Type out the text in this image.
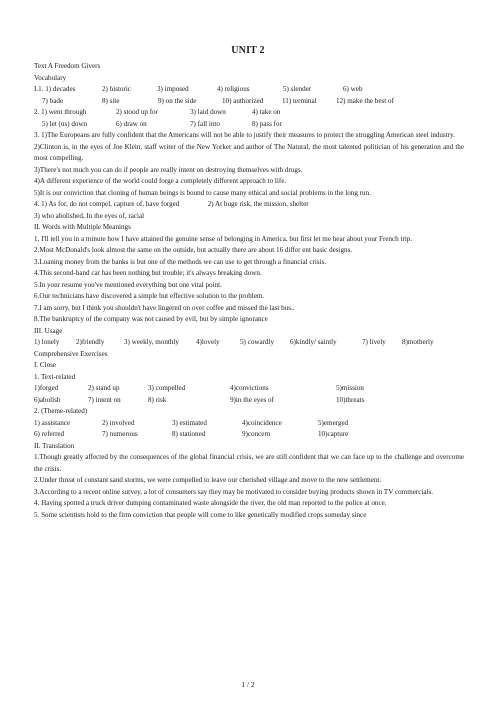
UNIT 2
Text A Freedom Givers
Vocabulary
I.1. 1) decades	2) historic	3) imposed	4) religious	5) slender	6) web
7) bade	8) site	9) on the side	10) authorized	11) terminal	12) make the best of
2. 1) went through	2) stood up for	3) laid down	4) take on
5) let (us) down	6) draw on	7) fall into	8) pass for
3. 1)The Europeans are fully confident that the Americans will not be able to justify their measures to protect the struggling American steel industry.
2)Clinton is, in the eyes of Joe Klein, staff writer of the New Yorker and author of The Natural, the most talented politician of his generation and the most compelling.
3)There's not much you can do if people are really intent on destroying themselves with drugs.
4)A different experience of the world could forge a completely different approach to life.
5)It is our conviction that cloning of human beings is bound to cause many ethical and social problems in the long run.
4. 1) As for, do not compel, capture of, have forged                2) At huge risk, the mission, shelter
3) who abolished, In the eyes of, racial
II. Words with Multiple Meanings
1. I'll tell you in a minute how I have attained the genuine sense of belonging in America, but first let me hear about your French trip.
2.Most McDonald's look almost the same on the outside, but actually there are about 16 differ ent basic designs.
3.Loaning money from the banks is but one of the methods we can use to get through a financial crisis.
4.This second-hand car has been nothing but trouble; it's always breaking down.
5.In your resume you've mentioned everything but one vital point.
6.Our technicians have discovered a simple but effective solution to the problem.
7.I am sorry, but I think you shouldn't have lingered on over coffee and missed the last bus..
8.The bankruptcy of the company was not caused by evil, but by simple ignorance
III. Usage
1) lonely	2)friendly	3) weekly, monthly	4)lovely	5) cowardly	6)kindly/ saintly	7) lively	8)motherly
Comprehensive Exercises
I. Close
1. Text-related
1)forged	2) stand up	3) compelled	4)convictions	5)mission
6)abolish	7) intent on	8) risk	9)in the eyes of	10)threats
2. (Theme-related)
1) assistance	2) involved	3) estimated	4)coincidence	5)emerged
6) referred	7) numerous	8) stationed	9)concern	10)capture
II. Translation
1.Though greatly affected by the consequences of the global financial crisis, we are still confident that we can face up to the challenge and overcome the crisis.
2.Under threat of constant sand storms, we were compelled to leave our cherished village and move to the new settlement.
3.According to a recent online survey, a lot of consumers say they may be motivated to consider buying products shown in TV commercials.
4. Having spotted a truck driver dumping contaminated waste alongside the river, the old man reported to the police at once.
5. Some scientists hold to the firm conviction that people will come to like genetically modified crops someday since
1 / 2
